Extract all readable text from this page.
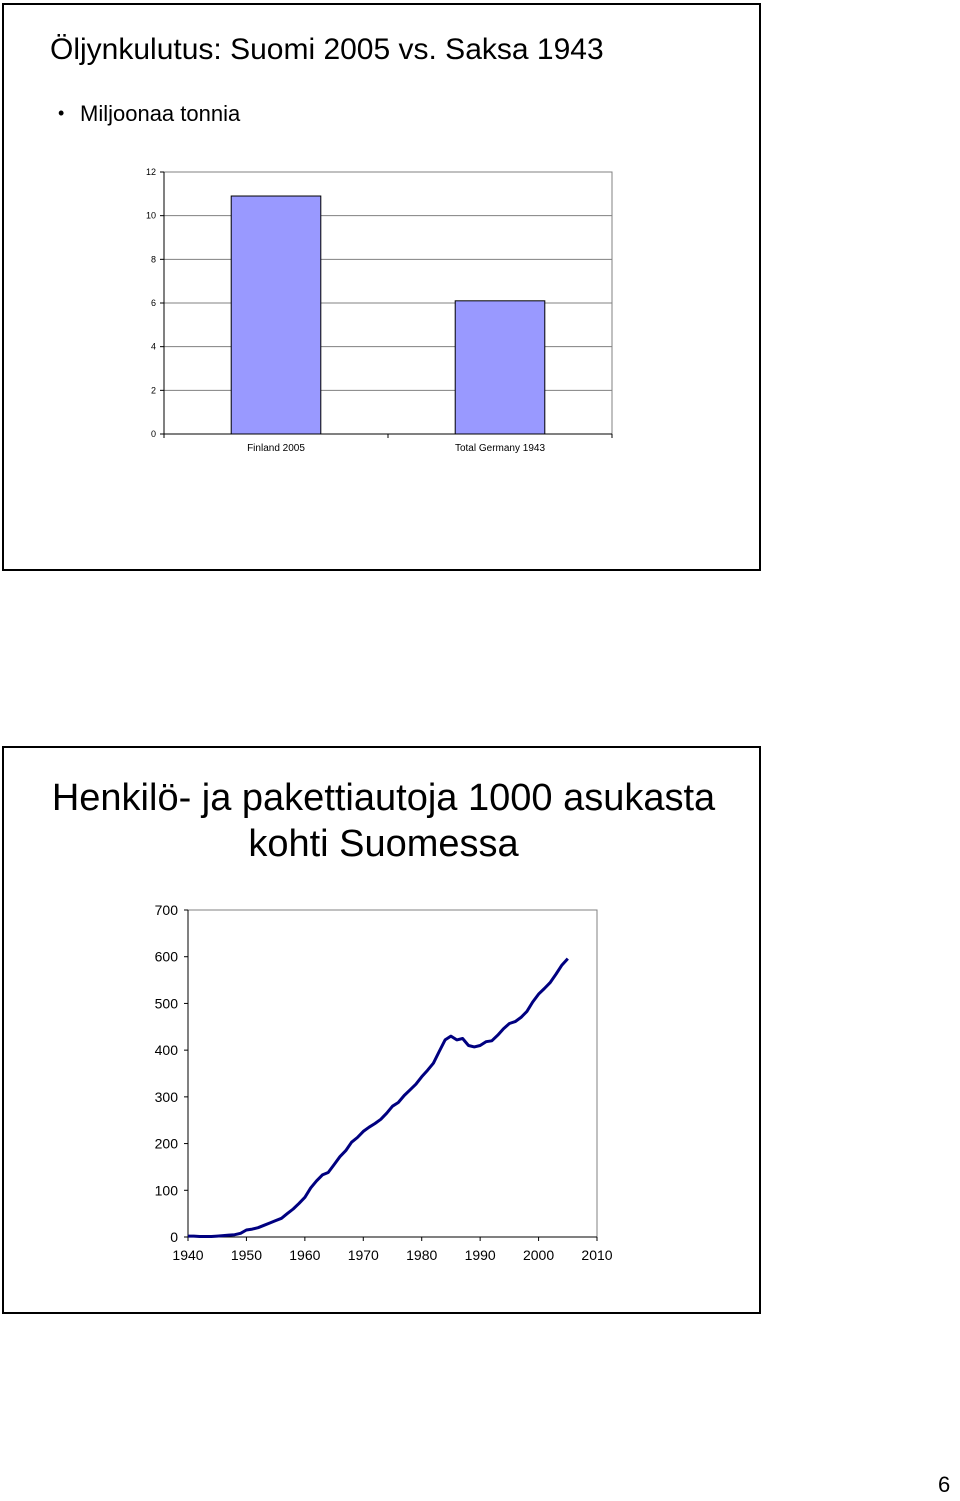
Öljynkulutus: Suomi 2005 vs. Saksa 1943
• Miljoonaa tonnia
0
2
4
6
8
10
12
Finland 2005	Total Germany 1943
Henkilö- ja pakettiautoja 1000 asukasta
kohti Suomessa
0
100
200
300
400
500
600
700
1940 1950 1960 1970 1980 1990 2000 2010
6
